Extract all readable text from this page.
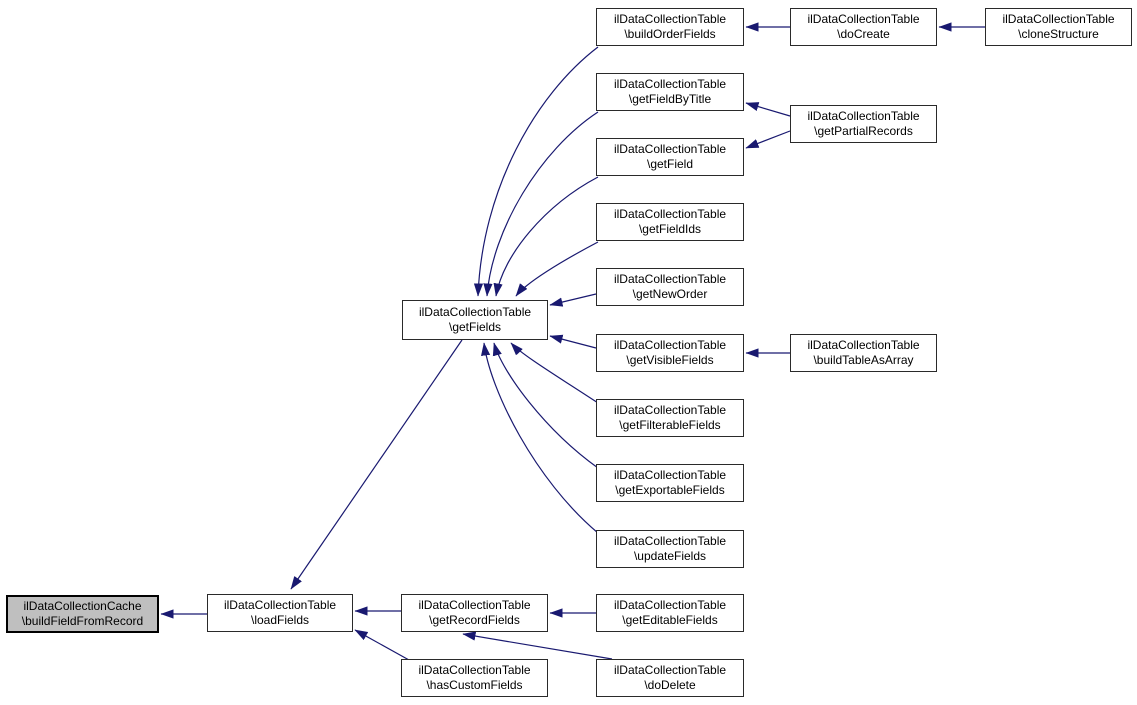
ilDataCollectionCache
\buildFieldFromRecord
ilDataCollectionTable
\loadFields
ilDataCollectionTable
\getFields
ilDataCollectionTable
\getRecordFields
ilDataCollectionTable
\hasCustomFields
ilDataCollectionTable
\buildOrderFields
ilDataCollectionTable
\getFieldByTitle
ilDataCollectionTable
\getField
ilDataCollectionTable
\getFieldIds
ilDataCollectionTable
\getNewOrder
ilDataCollectionTable
\getVisibleFields
ilDataCollectionTable
\getFilterableFields
ilDataCollectionTable
\getExportableFields
ilDataCollectionTable
\updateFields
ilDataCollectionTable
\getEditableFields
ilDataCollectionTable
\doDelete
ilDataCollectionTable
\doCreate
ilDataCollectionTable
\getPartialRecords
ilDataCollectionTable
\buildTableAsArray
ilDataCollectionTable
\cloneStructure
